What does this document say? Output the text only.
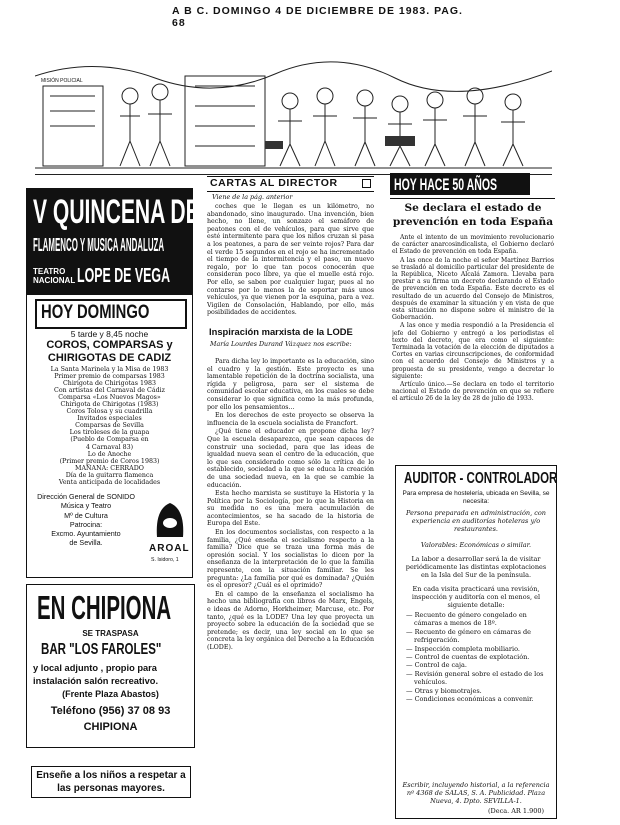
A B C. DOMINGO 4 DE DICIEMBRE DE 1983. PAG. 68
MISIÓN POLICIAL
V QUINCENA DE
FLAMENCO Y MUSICA ANDALUZA
TEATRO NACIONAL LOPE DE VEGA
HOY DOMINGO
5 tarde y 8,45 noche
COROS, COMPARSAS y
CHIRIGOTAS DE CADIZ
La Santa Marinela y la Misa de 1983
Primer premio de comparsas 1983
Chirigota de Chirigotas 1983
Con artistas del Carnaval de Cádiz
Comparsa «Los Nuevos Magos»
Chirigota de Chirigotas (1983)
Coros Tolosa y su cuadrilla
Invitados especiales
Comparsas de Sevilla
Los tiroleses de la guapa
(Pueblo de Comparsa en
4 Carnaval 83)
Lo de Anoche
(Primer premio de Coros 1983)
MAÑANA: CERRADO
Día de la guitarra flamenca
Venta anticipada de localidades
Dirección General de SONIDO
Música y Teatro
Mº de Cultura
Patrocina:
Excmo. Ayuntamiento
de Sevilla.
AROAL
S. Isidoro, 1
EN CHIPIONA
SE TRASPASA
BAR "LOS FAROLES"
y local adjunto , propio para
instalación salón recreativo.
(Frente Plaza Abastos)
Teléfono (956) 37 08 93
CHIPIONA
Enseñe a los niños a respetar a las personas mayores.
CARTAS AL DIRECTOR
Viene de la pág. anterior

coches que le llegan es un kilómetro, no abandonado, sino inaugurado. Una invención, bien hecho, no llene, un sonzazo el semáforo de peatones con el de vehículos, para que sirve que esté intermitente para que los niños cruzan si pasa a los peatones, a para de ser veinte rojos? Para dar el verde 15 segundos en el rojo se ha incrementado el tiempo de la intermitencia y el paso, un nuevo regalo, por lo que tan pocos conocerán que consideran poco libre, ya que el muelle está rojo. Por ello, se saben por cualquier lugar, pues al no contarse por lo menos la de soportar más unos vehículos, ya que vienen por la esquina, para a vez. Vigilen de Consolación, Hablando, por ello, más posibilidades de accidentes.

Inspiración marxista de la LODE
María Lourdes Durand Vázquez nos escribe:

Para dicha ley lo importante es la educación, sino el cuadro y la gestión. Este proyecto es una lamentable repetición de la doctrina socialista, una rígida y peligrosa, para ser el sistema de comunidad escolar educativa, en los cuales se debe considerar lo que significa como la más profunda, por ello los pensamientos...

En los derechos de este proyecto se observa la influencia de la escuela socialista de Francfort.

¿Qué tiene el educador en propone dicha ley? Que la escuela desaparezca, que sean capaces de construir una sociedad, para que las ideas de igualdad nueva sean el centro de la educación, que lo que sea considerado como sólo la crítica de lo establecido, sociedad a la que se educa la creación de una sociedad nueva, en la que se cambie la educación.

Esta hecho marxista se sustituye la Historia y la Política por la Sociología, por lo que la Historia en su medida no es una mera acumulación de acontecimientos, se ha sacado de la historia de Europa del Este.

En los documentos socialistas, con respecto a la familia, ¿Qué enseña el socialismo respecto a la familia? Dice que se traza una forma más de opresión social. Y los socialistas lo dicen por la enseñanza de la interpretación de lo que la familia represente, con la situación familiar. Se les pregunta: ¿La familia por qué es dominada? ¿Quién es el opresor? ¿Cuál es el oprimido?

En el campo de la enseñanza el socialismo ha hecho una bibliografía con libros de Marx, Engels, e ideas de Adorno, Horkheimer, Marcuse, etc. Por tanto, ¿qué es la LODE? Una ley que proyecta un proyecto sobre la educación de la sociedad que se pretende; es decir, una ley social en lo que se concreta la ley orgánica del Derecho a la Educación (LODE).

HOY HACE 50 AÑOS
Se declara el estado de prevención en toda España

Ante el intento de un movimiento revolucionario de carácter anarcosindicalista, el Gobierno declaró el Estado de prevención en toda España.

A las once de la noche el señor Martínez Barrios se trasladó al domicilio particular del presidente de la República, Niceto Alcalá Zamora. Llevaba para prestar a su firma un decreto declarando el Estado de prevención en toda España. Este decreto es el resultado de un acuerdo del Consejo de Ministros, después de examinar la situación y en vista de que esta situación no dispone sobre el ministro de la Gobernación.

A las once y media respondió a la Presidencia el jefe del Gobierno y entregó a los periodistas el texto del decreto, que era como el siguiente: Terminada la votación de la elección de diputados a Cortes en varias circunscripciones, de conformidad con el acuerdo del Consejo de Ministros y a propuesta de su presidente, vengo a decretar lo siguiente:

Artículo único.—Se declara en todo el territorio nacional el Estado de prevención en que se refiere el artículo 26 de la ley de 28 de julio de 1933.

AUDITOR - CONTROLADOR
Para empresa de hostelería, ubicada en Sevilla, se necesita:
Persona preparada en administración, con experiencia en auditorías hoteleras y/o restaurantes.
Valorables: Económicas o similar.
La labor a desarrollar será la de visitar periódicamente las distintas explotaciones en la Isla del Sur de la península.
En cada visita practicará una revisión, inspección y auditoría con el menos, el siguiente detalle:
— Recuento de género congelado en cámaras a menos de 18º.
— Recuento de género en cámaras de refrigeración.
— Inspección completa mobiliario.
— Control de cuentas de explotación.
— Control de caja.
— Revisión general sobre el estado de los vehículos.
— Otras y biomotrajes.
— Condiciones económicas a convenir.
Escribir, incluyendo historial, a la referencia nº 4368 de SALAS, S. A. Publicidad. Plaza Nueva, 4. Dpto. SEVILLA-1.
(Deca. AR 1.900)
